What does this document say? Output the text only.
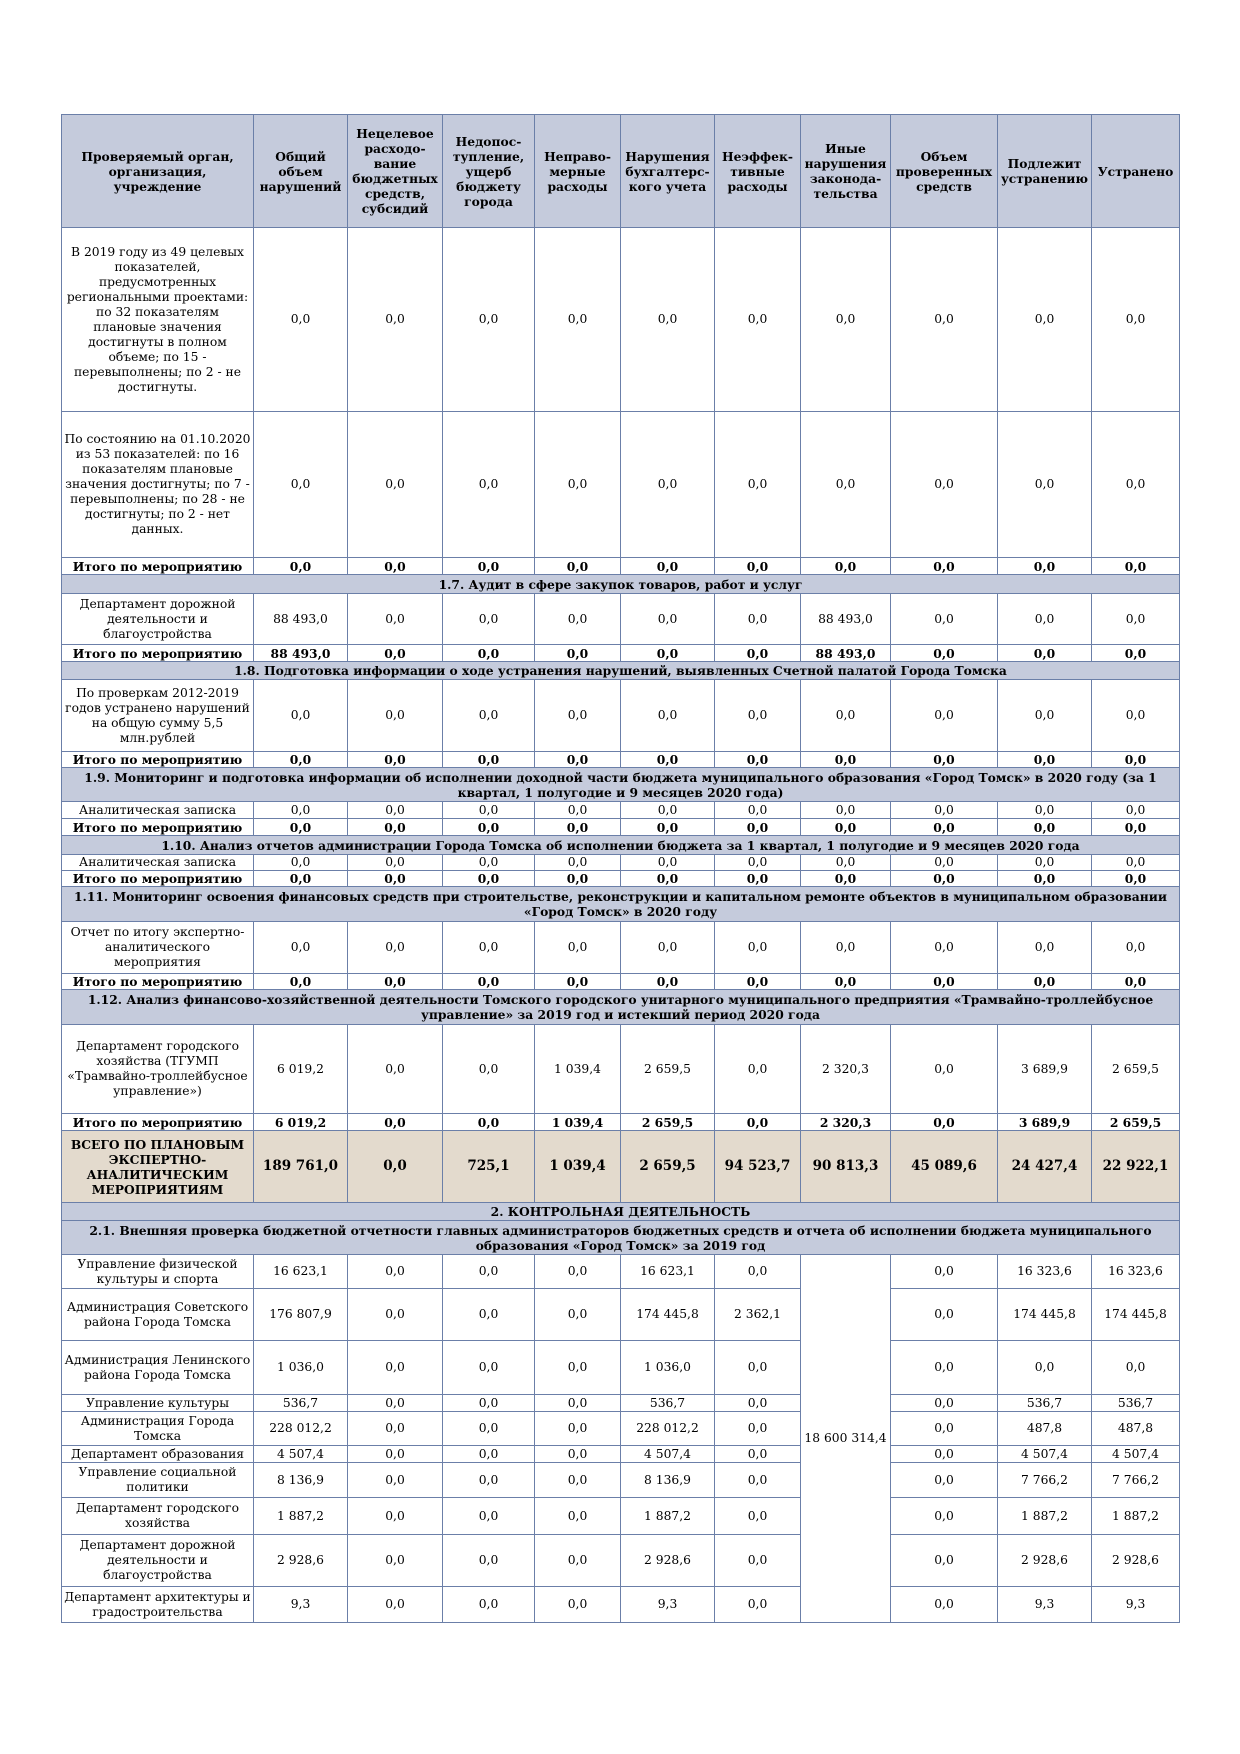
Проверяемый орган, организация, учреждение	Общий объем нарушений	Нецелевое расходо-вание бюджетных средств, субсидий	Недопос-тупление, ущерб бюджету города	Неправо-мерные расходы	Нарушения бухгалтерс-кого учета	Неэффек-тивные расходы	Иные нарушения законода-тельства	Объем проверенных средств	Подлежит устранению	Устранено
В 2019 году из 49 целевых показателей, предусмотренных региональными проектами: по 32 показателям плановые значения достигнуты в полном объеме; по 15 - перевыполнены; по 2 - не достигнуты.	0,0	0,0	0,0	0,0	0,0	0,0	0,0	0,0	0,0	0,0
По состоянию на 01.10.2020 из 53 показателей: по 16 показателям плановые значения достигнуты; по 7 - перевыполнены; по 28 - не достигнуты; по 2 - нет данных.	0,0	0,0	0,0	0,0	0,0	0,0	0,0	0,0	0,0	0,0
Итого по мероприятию	0,0	0,0	0,0	0,0	0,0	0,0	0,0	0,0	0,0	0,0
1.7. Аудит в сфере закупок товаров, работ и услуг										
Департамент дорожной деятельности и благоустройства	88 493,0	0,0	0,0	0,0	0,0	0,0	88 493,0	0,0	0,0	0,0
Итого по мероприятию	88 493,0	0,0	0,0	0,0	0,0	0,0	88 493,0	0,0	0,0	0,0
1.8. Подготовка информации о ходе устранения нарушений, выявленных Счетной палатой Города Томска										
По проверкам 2012-2019 годов устранено нарушений на общую сумму 5,5 млн.рублей	0,0	0,0	0,0	0,0	0,0	0,0	0,0	0,0	0,0	0,0
Итого по мероприятию	0,0	0,0	0,0	0,0	0,0	0,0	0,0	0,0	0,0	0,0
1.9. Мониторинг и подготовка информации об исполнении доходной части бюджета муниципального образования «Город Томск» в 2020 году (за 1 квартал, 1 полугодие и 9 месяцев 2020 года)										
Аналитическая записка	0,0	0,0	0,0	0,0	0,0	0,0	0,0	0,0	0,0	0,0
Итого по мероприятию	0,0	0,0	0,0	0,0	0,0	0,0	0,0	0,0	0,0	0,0
1.10. Анализ отчетов администрации Города Томска об исполнении бюджета за 1 квартал, 1 полугодие и 9 месяцев 2020 года										
Аналитическая записка	0,0	0,0	0,0	0,0	0,0	0,0	0,0	0,0	0,0	0,0
Итого по мероприятию	0,0	0,0	0,0	0,0	0,0	0,0	0,0	0,0	0,0	0,0
1.11. Мониторинг освоения финансовых средств при строительстве, реконструкции и капитальном ремонте объектов в муниципальном образовании «Город Томск» в 2020 году										
Отчет по итогу экспертно-аналитического мероприятия	0,0	0,0	0,0	0,0	0,0	0,0	0,0	0,0	0,0	0,0
Итого по мероприятию	0,0	0,0	0,0	0,0	0,0	0,0	0,0	0,0	0,0	0,0
1.12. Анализ финансово-хозяйственной деятельности Томского городского унитарного муниципального предприятия «Трамвайно-троллейбусное управление» за 2019 год и истекший период 2020 года										
Департамент городского хозяйства (ТГУМП «Трамвайно-троллейбусное управление»)	6 019,2	0,0	0,0	1 039,4	2 659,5	0,0	2 320,3	0,0	3 689,9	2 659,5
Итого по мероприятию	6 019,2	0,0	0,0	1 039,4	2 659,5	0,0	2 320,3	0,0	3 689,9	2 659,5
ВСЕГО ПО ПЛАНОВЫМ ЭКСПЕРТНО-АНАЛИТИЧЕСКИМ МЕРОПРИЯТИЯМ	189 761,0	0,0	725,1	1 039,4	2 659,5	94 523,7	90 813,3	45 089,6	24 427,4	22 922,1
2. КОНТРОЛЬНАЯ ДЕЯТЕЛЬНОСТЬ										
2.1. Внешняя проверка бюджетной отчетности главных администраторов бюджетных средств и отчета об исполнении бюджета муниципального образования «Город Томск» за 2019 год										
Управление физической культуры и спорта	16 623,1	0,0	0,0	0,0	16 623,1	0,0	18 600 314,4	0,0	16 323,6	16 323,6
Администрация Советского района Города Томска	176 807,9	0,0	0,0	0,0	174 445,8	2 362,1		0,0	174 445,8	174 445,8
Администрация Ленинского района Города Томска	1 036,0	0,0	0,0	0,0	1 036,0	0,0		0,0	0,0	0,0
Управление культуры	536,7	0,0	0,0	0,0	536,7	0,0		0,0	536,7	536,7
Администрация Города Томска	228 012,2	0,0	0,0	0,0	228 012,2	0,0		0,0	487,8	487,8
Департамент образования	4 507,4	0,0	0,0	0,0	4 507,4	0,0		0,0	4 507,4	4 507,4
Управление социальной политики	8 136,9	0,0	0,0	0,0	8 136,9	0,0		0,0	7 766,2	7 766,2
Департамент городского хозяйства	1 887,2	0,0	0,0	0,0	1 887,2	0,0		0,0	1 887,2	1 887,2
Департамент дорожной деятельности и благоустройства	2 928,6	0,0	0,0	0,0	2 928,6	0,0		0,0	2 928,6	2 928,6
Департамент архитектуры и градостроительства	9,3	0,0	0,0	0,0	9,3	0,0		0,0	9,3	9,3
